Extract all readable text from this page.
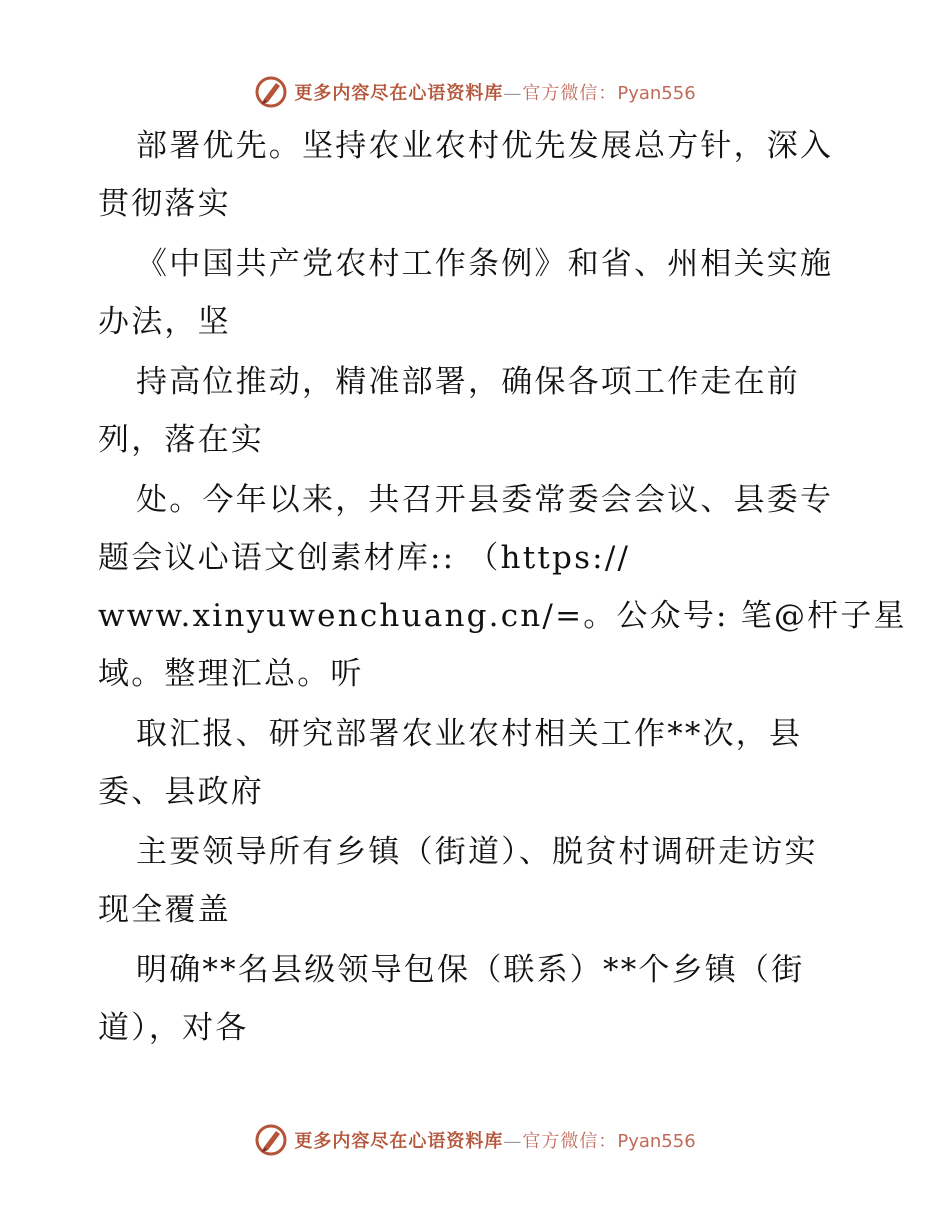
更多内容尽在心语资料库—官方微信：Pyan556
部署优先。坚持农业农村优先发展总方针，深入
贯彻落实
《中国共产党农村工作条例》和省、州相关实施
办法，坚
持高位推动，精准部署，确保各项工作走在前
列，落在实
处。今年以来，共召开县委常委会会议、县委专
题会议心语文创素材库:: （https://
www.xinyuwenchuang.cn/=。公众号: 笔@杆子星
域。整理汇总。听
取汇报、研究部署农业农村相关工作**次，县
委、县政府
主要领导所有乡镇（街道）、脱贫村调研走访实
现全覆盖
明确**名县级领导包保（联系）**个乡镇（街
道），对各
更多内容尽在心语资料库—官方微信：Pyan556
